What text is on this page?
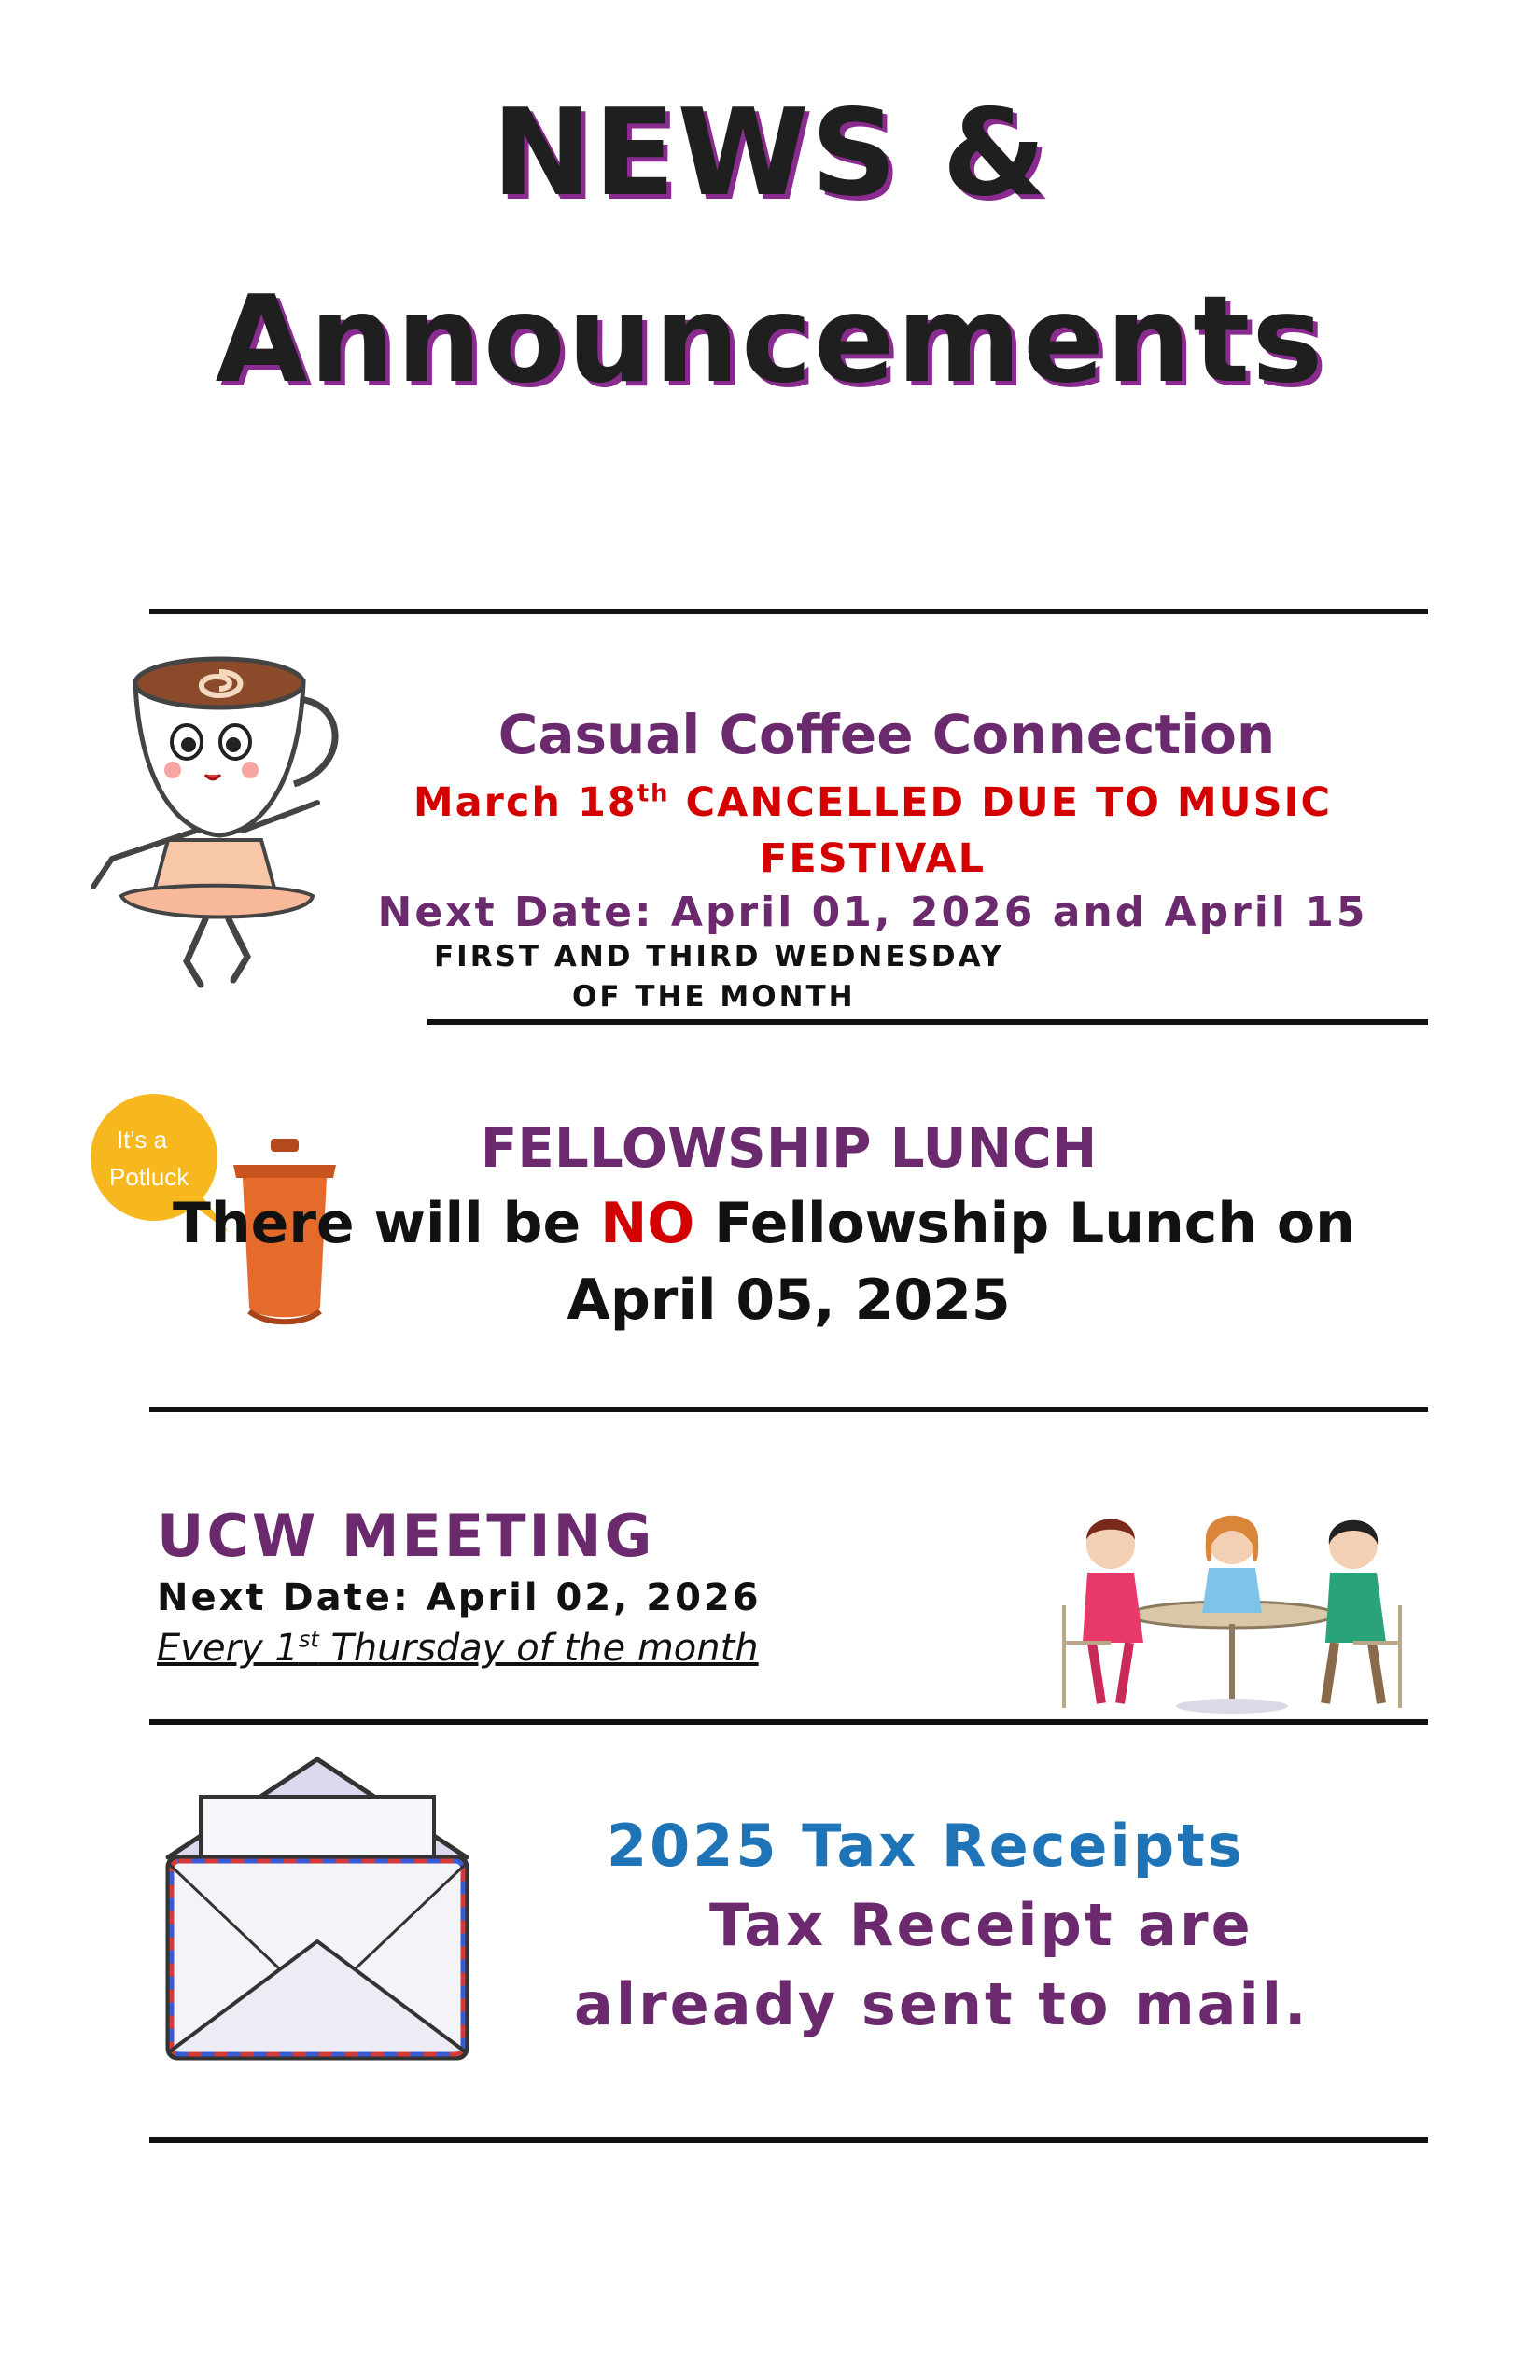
NEWS &
Announcements
Casual Coffee Connection
March 18th CANCELLED DUE TO MUSIC
FESTIVAL
Next Date: April 01, 2026 and April 15
FIRST AND THIRD WEDNESDAY
OF THE MONTH
It's a
Potluck	FELLOWSHIP LUNCH
There will be NO Fellowship Lunch on
April 05, 2025
UCW MEETING
Next Date: April 02, 2026
Every 1st Thursday of the month
2025 Tax Receipts
Tax Receipt are
already sent to mail.
